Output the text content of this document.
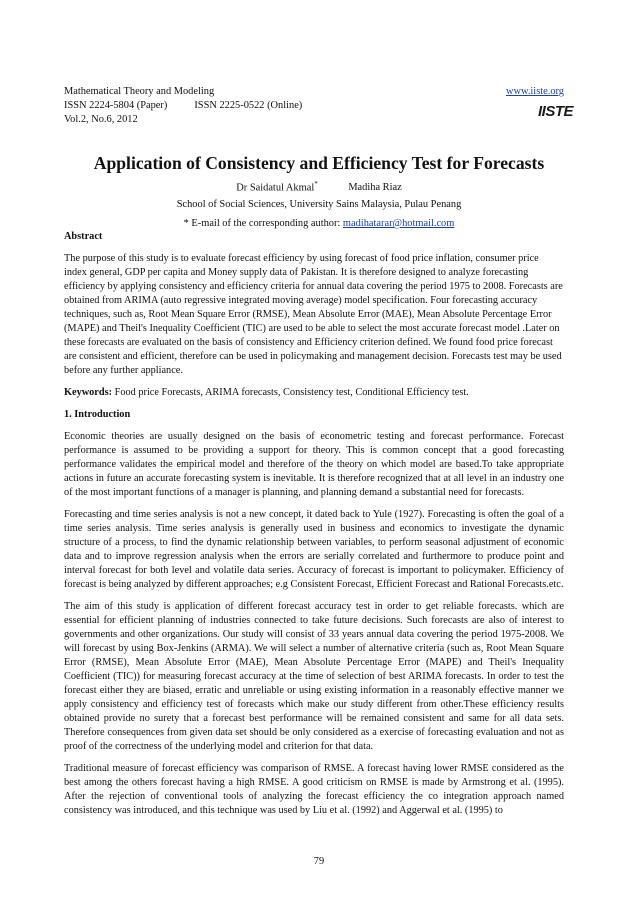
Mathematical Theory and Modeling	www.iiste.org
ISSN 2224-5804 (Paper)	ISSN 2225-0522 (Online)
Vol.2, No.6, 2012	IISTE
Application of Consistency and Efficiency Test for Forecasts
Dr Saidatul Akmal*	Madiha Riaz
School of Social Sciences, University Sains Malaysia, Pulau Penang
* E-mail of the corresponding author: madihatarar@hotmail.com

Abstract

The purpose of this study is to evaluate forecast efficiency by using forecast of food price inflation, consumer price index general, GDP per capita and Money supply data of Pakistan. It is therefore designed to analyze forecasting efficiency by applying consistency and efficiency criteria for annual data covering the period 1975 to 2008. Forecasts are obtained from ARIMA (auto regressive integrated moving average) model specification. Four forecasting accuracy techniques, such as, Root Mean Square Error (RMSE), Mean Absolute Error (MAE), Mean Absolute Percentage Error (MAPE) and Theil's Inequality Coefficient (TIC) are used to be able to select the most accurate forecast model .Later on these forecasts are evaluated on the basis of consistency and Efficiency criterion defined. We found food price forecast are consistent and efficient, therefore can be used in policymaking and management decision. Forecasts test may be used before any further appliance.

Keywords: Food price Forecasts, ARIMA forecasts, Consistency test, Conditional Efficiency test.

1. Introduction

Economic theories are usually designed on the basis of econometric testing and forecast performance. Forecast performance is assumed to be providing a support for theory. This is common concept that a good forecasting performance validates the empirical model and therefore of the theory on which model are based.To take appropriate actions in future an accurate forecasting system is inevitable. It is therefore recognized that at all level in an industry one of the most important functions of a manager is planning, and planning demand a substantial need for forecasts.

Forecasting and time series analysis is not a new concept, it dated back to Yule (1927). Forecasting is often the goal of a time series analysis. Time series analysis is generally used in business and economics to investigate the dynamic structure of a process, to find the dynamic relationship between variables, to perform seasonal adjustment of economic data and to improve regression analysis when the errors are serially correlated and furthermore to produce point and interval forecast for both level and volatile data series. Accuracy of forecast is important to policymaker. Efficiency of forecast is being analyzed by different approaches; e.g Consistent Forecast, Efficient Forecast and Rational Forecasts.etc.

The aim of this study is application of different forecast accuracy test in order to get reliable forecasts. which are essential for efficient planning of industries connected to take future decisions. Such forecasts are also of interest to governments and other organizations. Our study will consist of 33 years annual data covering the period 1975-2008. We will forecast by using Box-Jenkins (ARMA). We will select a number of alternative criteria (such as, Root Mean Square Error (RMSE), Mean Absolute Error (MAE), Mean Absolute Percentage Error (MAPE) and Theil's Inequality Coefficient (TIC)) for measuring forecast accuracy at the time of selection of best ARIMA forecasts. In order to test the forecast either they are biased, erratic and unreliable or using existing information in a reasonably effective manner we apply consistency and efficiency test of forecasts which make our study different from other.These efficiency results obtained provide no surety that a forecast best performance will be remained consistent and same for all data sets. Therefore consequences from given data set should be only considered as a exercise of forecasting evaluation and not as proof of the correctness of the underlying model and criterion for that data.

Traditional measure of forecast efficiency was comparison of RMSE. A forecast having lower RMSE considered as the best among the others forecast having a high RMSE. A good criticism on RMSE is made by Armstrong et al. (1995). After the rejection of conventional tools of analyzing the forecast efficiency the co integration approach named consistency was introduced, and this technique was used by Liu et al. (1992) and Aggerwal et al. (1995) to

79
